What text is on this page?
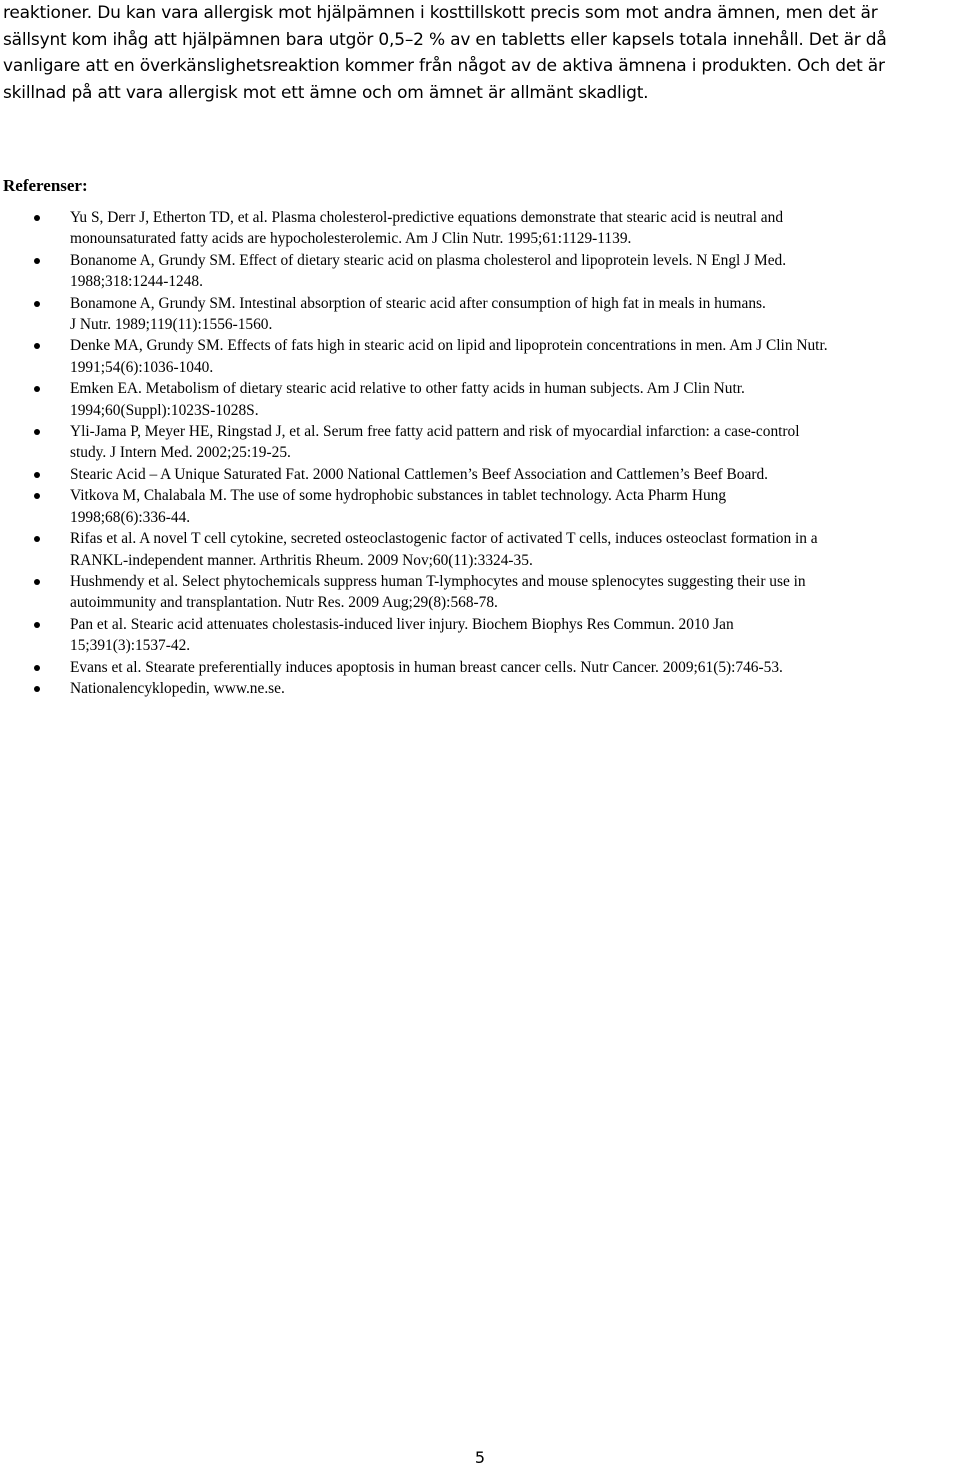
reaktioner. Du kan vara allergisk mot hjälpämnen i kosttillskott precis som mot andra ämnen, men det är
sällsynt kom ihåg att hjälpämnen bara utgör 0,5–2 % av en tabletts eller kapsels totala innehåll. Det är då
vanligare att en överkänslighetsreaktion kommer från något av de aktiva ämnena i produkten. Och det är
skillnad på att vara allergisk mot ett ämne och om ämnet är allmänt skadligt.

Referenser:
Yu S, Derr J, Etherton TD, et al. Plasma cholesterol-predictive equations demonstrate that stearic acid is neutral and
monounsaturated fatty acids are hypocholesterolemic. Am J Clin Nutr. 1995;61:1129-1139.
Bonanome A, Grundy SM. Effect of dietary stearic acid on plasma cholesterol and lipoprotein levels. N Engl J Med.
1988;318:1244-1248.
Bonamone A, Grundy SM. Intestinal absorption of stearic acid after consumption of high fat in meals in humans.
J Nutr. 1989;119(11):1556-1560.
Denke MA, Grundy SM. Effects of fats high in stearic acid on lipid and lipoprotein concentrations in men. Am J Clin Nutr.
1991;54(6):1036-1040.
Emken EA. Metabolism of dietary stearic acid relative to other fatty acids in human subjects. Am J Clin Nutr.
1994;60(Suppl):1023S-1028S.
Yli-Jama P, Meyer HE, Ringstad J, et al. Serum free fatty acid pattern and risk of myocardial infarction: a case-control
study. J Intern Med. 2002;25:19-25.
Stearic Acid – A Unique Saturated Fat. 2000 National Cattlemen’s Beef Association and Cattlemen’s Beef Board.
Vitkova M, Chalabala M. The use of some hydrophobic substances in tablet technology. Acta Pharm Hung
1998;68(6):336-44.
Rifas et al. A novel T cell cytokine, secreted osteoclastogenic factor of activated T cells, induces osteoclast formation in a
RANKL-independent manner. Arthritis Rheum. 2009 Nov;60(11):3324-35.
Hushmendy et al. Select phytochemicals suppress human T-lymphocytes and mouse splenocytes suggesting their use in
autoimmunity and transplantation. Nutr Res. 2009 Aug;29(8):568-78.
Pan et al. Stearic acid attenuates cholestasis-induced liver injury. Biochem Biophys Res Commun. 2010 Jan
15;391(3):1537-42.
Evans et al. Stearate preferentially induces apoptosis in human breast cancer cells. Nutr Cancer. 2009;61(5):746-53.
Nationalencyklopedin, www.ne.se.
5
